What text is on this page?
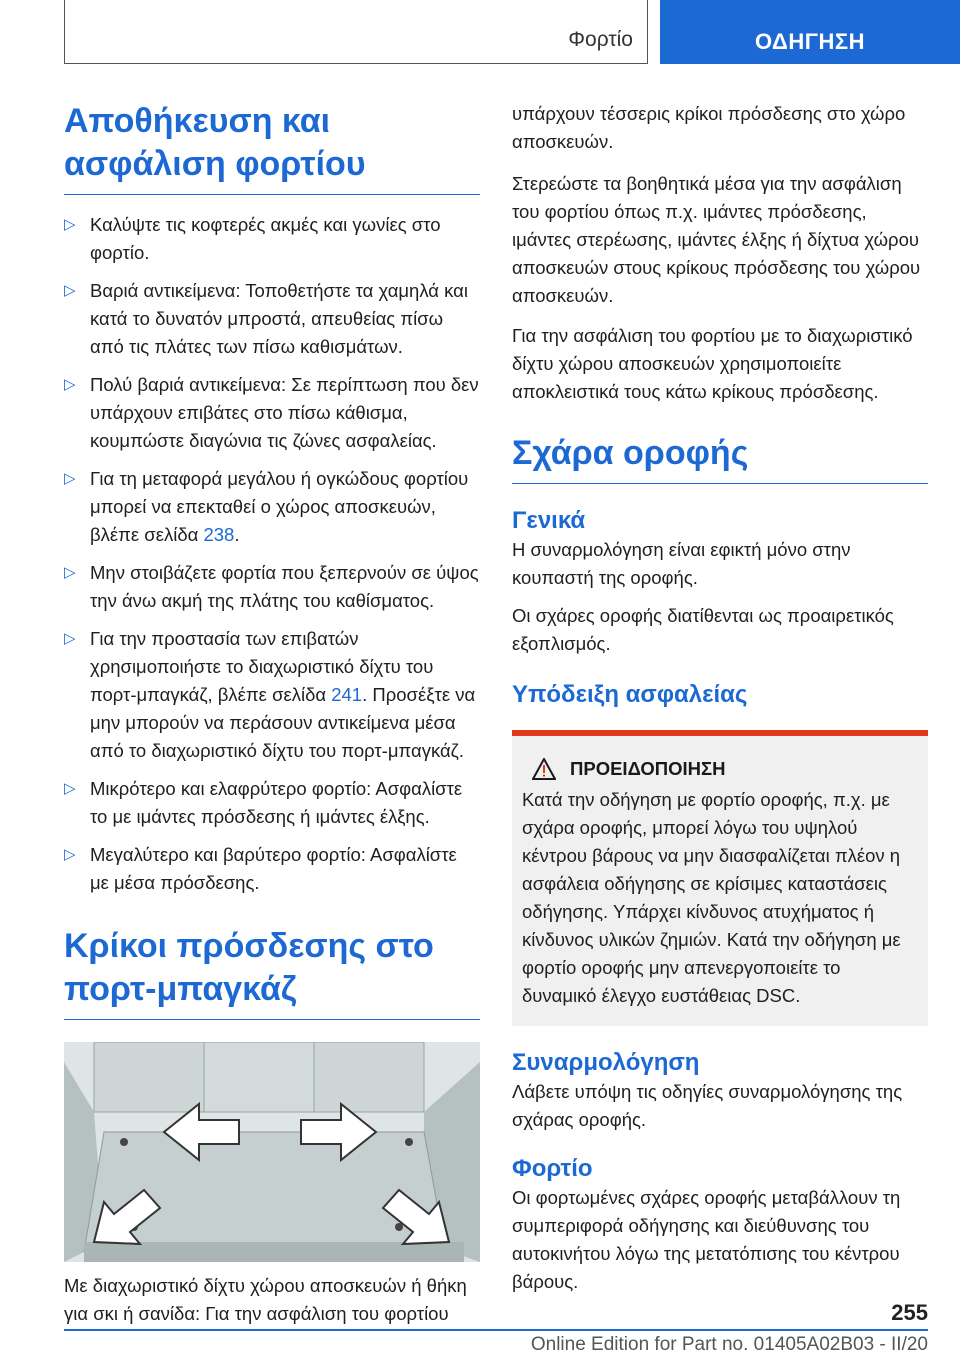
Φορτίο	ΟΔΗΓΗΣΗ
Αποθήκευση και ασφάλιση φορτίου
▷ Καλύψτε τις κοφτερές ακμές και γωνίες στο φορτίο.
▷ Βαριά αντικείμενα: Τοποθετήστε τα χαμηλά και κατά το δυνατόν μπροστά, απευθείας πίσω από τις πλάτες των πίσω καθισμάτων.
▷ Πολύ βαριά αντικείμενα: Σε περίπτωση που δεν υπάρχουν επιβάτες στο πίσω κάθισμα, κουμπώστε διαγώνια τις ζώνες ασφαλείας.
▷ Για τη μεταφορά μεγάλου ή ογκώδους φορτίου μπορεί να επεκταθεί ο χώρος αποσκευών, βλέπε σελίδα 238.
▷ Μην στοιβάζετε φορτία που ξεπερνούν σε ύψος την άνω ακμή της πλάτης του καθίσματος.
▷ Για την προστασία των επιβατών χρησιμοποιήστε το διαχωριστικό δίχτυ του πορτ-μπαγκάζ, βλέπε σελίδα 241. Προσέξτε να μην μπορούν να περάσουν αντικείμενα μέσα από το διαχωριστικό δίχτυ του πορτ-μπαγκάζ.
▷ Μικρότερο και ελαφρύτερο φορτίο: Ασφαλίστε το με ιμάντες πρόσδεσης ή ιμάντες έλξης.
▷ Μεγαλύτερο και βαρύτερο φορτίο: Ασφαλίστε με μέσα πρόσδεσης.
Κρίκοι πρόσδεσης στο πορτ-μπαγκάζ

Με διαχωριστικό δίχτυ χώρου αποσκευών ή θήκη για σκι ή σανίδα: Για την ασφάλιση του φορτίου

υπάρχουν τέσσερις κρίκοι πρόσδεσης στο χώρο αποσκευών.

Στερεώστε τα βοηθητικά μέσα για την ασφάλιση του φορτίου όπως π.χ. ιμάντες πρόσδεσης, ιμάντες στερέωσης, ιμάντες έλξης ή δίχτυα χώρου αποσκευών στους κρίκους πρόσδεσης του χώρου αποσκευών.

Για την ασφάλιση του φορτίου με το διαχωριστικό δίχτυ χώρου αποσκευών χρησιμοποιείτε αποκλειστικά τους κάτω κρίκους πρόσδεσης.

Σχάρα οροφής
Γενικά

Η συναρμολόγηση είναι εφικτή μόνο στην κουπαστή της οροφής.

Οι σχάρες οροφής διατίθενται ως προαιρετικός εξοπλισμός.

Υπόδειξη ασφαλείας
ΠΡΟΕΙΔΟΠΟΙΗΣΗ

Κατά την οδήγηση με φορτίο οροφής, π.χ. με σχάρα οροφής, μπορεί λόγω του υψηλού κέντρου βάρους να μην διασφαλίζεται πλέον η ασφάλεια οδήγησης σε κρίσιμες καταστάσεις οδήγησης. Υπάρχει κίνδυνος ατυχήματος ή κίνδυνος υλικών ζημιών. Κατά την οδήγηση με φορτίο οροφής μην απενεργοποιείτε το δυναμικό έλεγχο ευστάθειας DSC.

Συναρμολόγηση

Λάβετε υπόψη τις οδηγίες συναρμολόγησης της σχάρας οροφής.

Φορτίο

Οι φορτωμένες σχάρες οροφής μεταβάλλουν τη συμπεριφορά οδήγησης και διεύθυνσης του αυτοκινήτου λόγω της μετατόπισης του κέντρου βάρους.

255
Online Edition for Part no. 01405A02B03 - II/20
